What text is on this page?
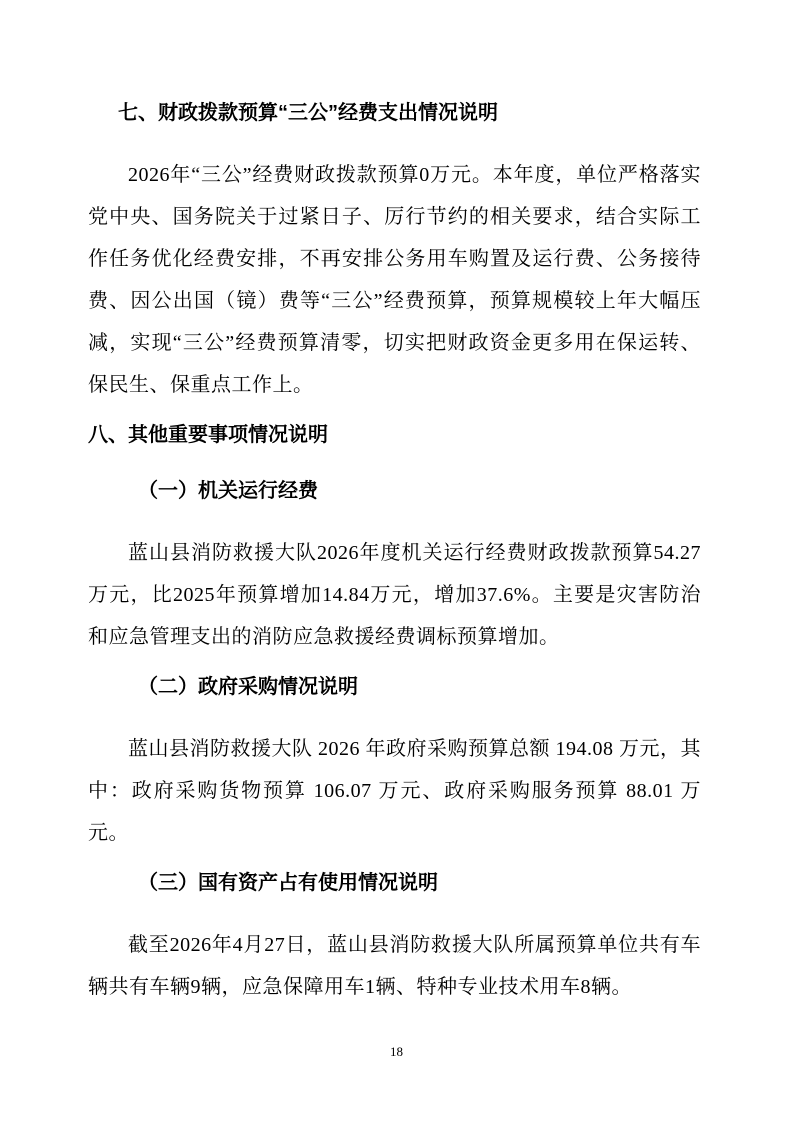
七、财政拨款预算“三公”经费支出情况说明

2026年“三公”经费财政拨款预算0万元。本年度，单位严格落实党中央、国务院关于过紧日子、厉行节约的相关要求，结合实际工作任务优化经费安排，不再安排公务用车购置及运行费、公务接待费、因公出国（镜）费等“三公”经费预算，预算规模较上年大幅压减，实现“三公”经费预算清零，切实把财政资金更多用在保运转、保民生、保重点工作上。

八、其他重要事项情况说明
（一）机关运行经费

蓝山县消防救援大队2026年度机关运行经费财政拨款预算54.27万元，比2025年预算增加14.84万元，增加37.6%。主要是灾害防治和应急管理支出的消防应急救援经费调标预算增加。

（二）政府采购情况说明

蓝山县消防救援大队 2026 年政府采购预算总额 194.08 万元，其中：政府采购货物预算 106.07 万元、政府采购服务预算 88.01 万元。

（三）国有资产占有使用情况说明

截至2026年4月27日，蓝山县消防救援大队所属预算单位共有车辆共有车辆9辆，应急保障用车1辆、特种专业技术用车8辆。

18
